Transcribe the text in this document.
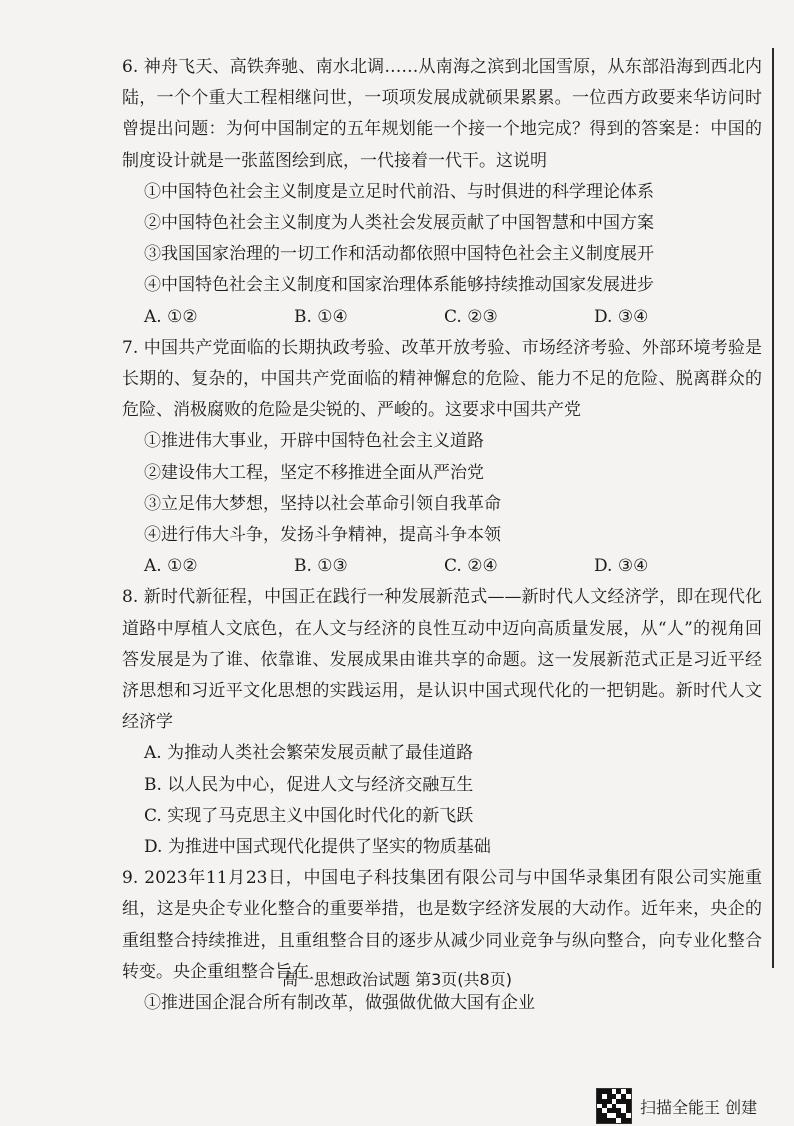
6. 神舟飞天、高铁奔驰、南水北调……从南海之滨到北国雪原，从东部沿海到西北内陆，一个个重大工程相继问世，一项项发展成就硕果累累。一位西方政要来华访问时曾提出问题：为何中国制定的五年规划能一个接一个地完成？得到的答案是：中国的制度设计就是一张蓝图绘到底，一代接着一代干。这说明

①中国特色社会主义制度是立足时代前沿、与时俱进的科学理论体系

②中国特色社会主义制度为人类社会发展贡献了中国智慧和中国方案

③我国国家治理的一切工作和活动都依照中国特色社会主义制度展开

④中国特色社会主义制度和国家治理体系能够持续推动国家发展进步

A. ①②	B. ①④	C. ②③	D. ③④

7. 中国共产党面临的长期执政考验、改革开放考验、市场经济考验、外部环境考验是长期的、复杂的，中国共产党面临的精神懈怠的危险、能力不足的危险、脱离群众的危险、消极腐败的危险是尖锐的、严峻的。这要求中国共产党

①推进伟大事业，开辟中国特色社会主义道路

②建设伟大工程，坚定不移推进全面从严治党

③立足伟大梦想，坚持以社会革命引领自我革命

④进行伟大斗争，发扬斗争精神，提高斗争本领

A. ①②	B. ①③	C. ②④	D. ③④

8. 新时代新征程，中国正在践行一种发展新范式——新时代人文经济学，即在现代化道路中厚植人文底色，在人文与经济的良性互动中迈向高质量发展，从“人”的视角回答发展是为了谁、依靠谁、发展成果由谁共享的命题。这一发展新范式正是习近平经济思想和习近平文化思想的实践运用，是认识中国式现代化的一把钥匙。新时代人文经济学

A. 为推动人类社会繁荣发展贡献了最佳道路

B. 以人民为中心，促进人文与经济交融互生

C. 实现了马克思主义中国化时代化的新飞跃

D. 为推进中国式现代化提供了坚实的物质基础

9. 2023年11月23日，中国电子科技集团有限公司与中国华录集团有限公司实施重组，这是央企专业化整合的重要举措，也是数字经济发展的大动作。近年来，央企的重组整合持续推进，且重组整合目的逐步从减少同业竞争与纵向整合，向专业化整合转变。央企重组整合旨在

①推进国企混合所有制改革，做强做优做大国有企业

高一思想政治试题 第3页(共8页)
扫描全能王 创建
